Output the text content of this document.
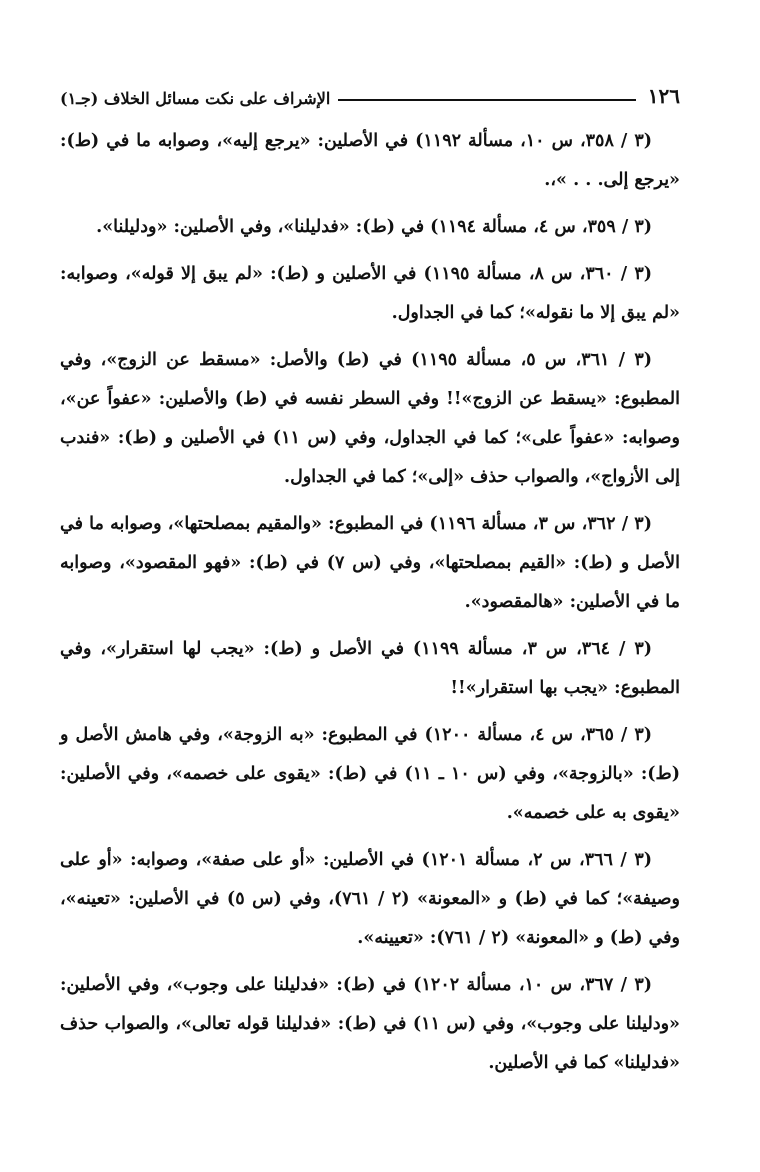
١٢٦
الإشراف على نكت مسائل الخلاف (جـ١)

(٣ / ٣٥٨، س ١٠، مسألة ١١٩٢) في الأصلين: «يرجع إليه»، وصوابه ما في (ط): «يرجع إلى. . . »،.

(٣ / ٣٥٩، س ٤، مسألة ١١٩٤) في (ط): «فدليلنا»، وفي الأصلين: «ودليلنا».

(٣ / ٣٦٠، س ٨، مسألة ١١٩٥) في الأصلين و (ط): «لم يبق إلا قوله»، وصوابه: «لم يبق إلا ما نقوله»؛ كما في الجداول.

(٣ / ٣٦١، س ٥، مسألة ١١٩٥) في (ط) والأصل: «مسقط عن الزوج»، وفي المطبوع: «يسقط عن الزوج»!! وفي السطر نفسه في (ط) والأصلين: «عفواً عن»، وصوابه: «عفواً على»؛ كما في الجداول، وفي (س ١١) في الأصلين و (ط): «فندب إلى الأزواج»، والصواب حذف «إلى»؛ كما في الجداول.

(٣ / ٣٦٢، س ٣، مسألة ١١٩٦) في المطبوع: «والمقيم بمصلحتها»، وصوابه ما في الأصل و (ط): «القيم بمصلحتها»، وفي (س ٧) في (ط): «فهو المقصود»، وصوابه ما في الأصلين: «هالمقصود».

(٣ / ٣٦٤، س ٣، مسألة ١١٩٩) في الأصل و (ط): «يجب لها استقرار»، وفي المطبوع: «يجب بها استقرار»!!

(٣ / ٣٦٥، س ٤، مسألة ١٢٠٠) في المطبوع: «به الزوجة»، وفي هامش الأصل و (ط): «بالزوجة»، وفي (س ١٠ ـ ١١) في (ط): «يقوى على خصمه»، وفي الأصلين: «يقوى به على خصمه».

(٣ / ٣٦٦، س ٢، مسألة ١٢٠١) في الأصلين: «أو على صفة»، وصوابه: «أو على وصيفة»؛ كما في (ط) و «المعونة» (٢ / ٧٦١)، وفي (س ٥) في الأصلين: «تعينه»، وفي (ط) و «المعونة» (٢ / ٧٦١): «تعيينه».

(٣ / ٣٦٧، س ١٠، مسألة ١٢٠٢) في (ط): «فدليلنا على وجوب»، وفي الأصلين: «ودليلنا على وجوب»، وفي (س ١١) في (ط): «فدليلنا قوله تعالى»، والصواب حذف «فدليلنا» كما في الأصلين.
